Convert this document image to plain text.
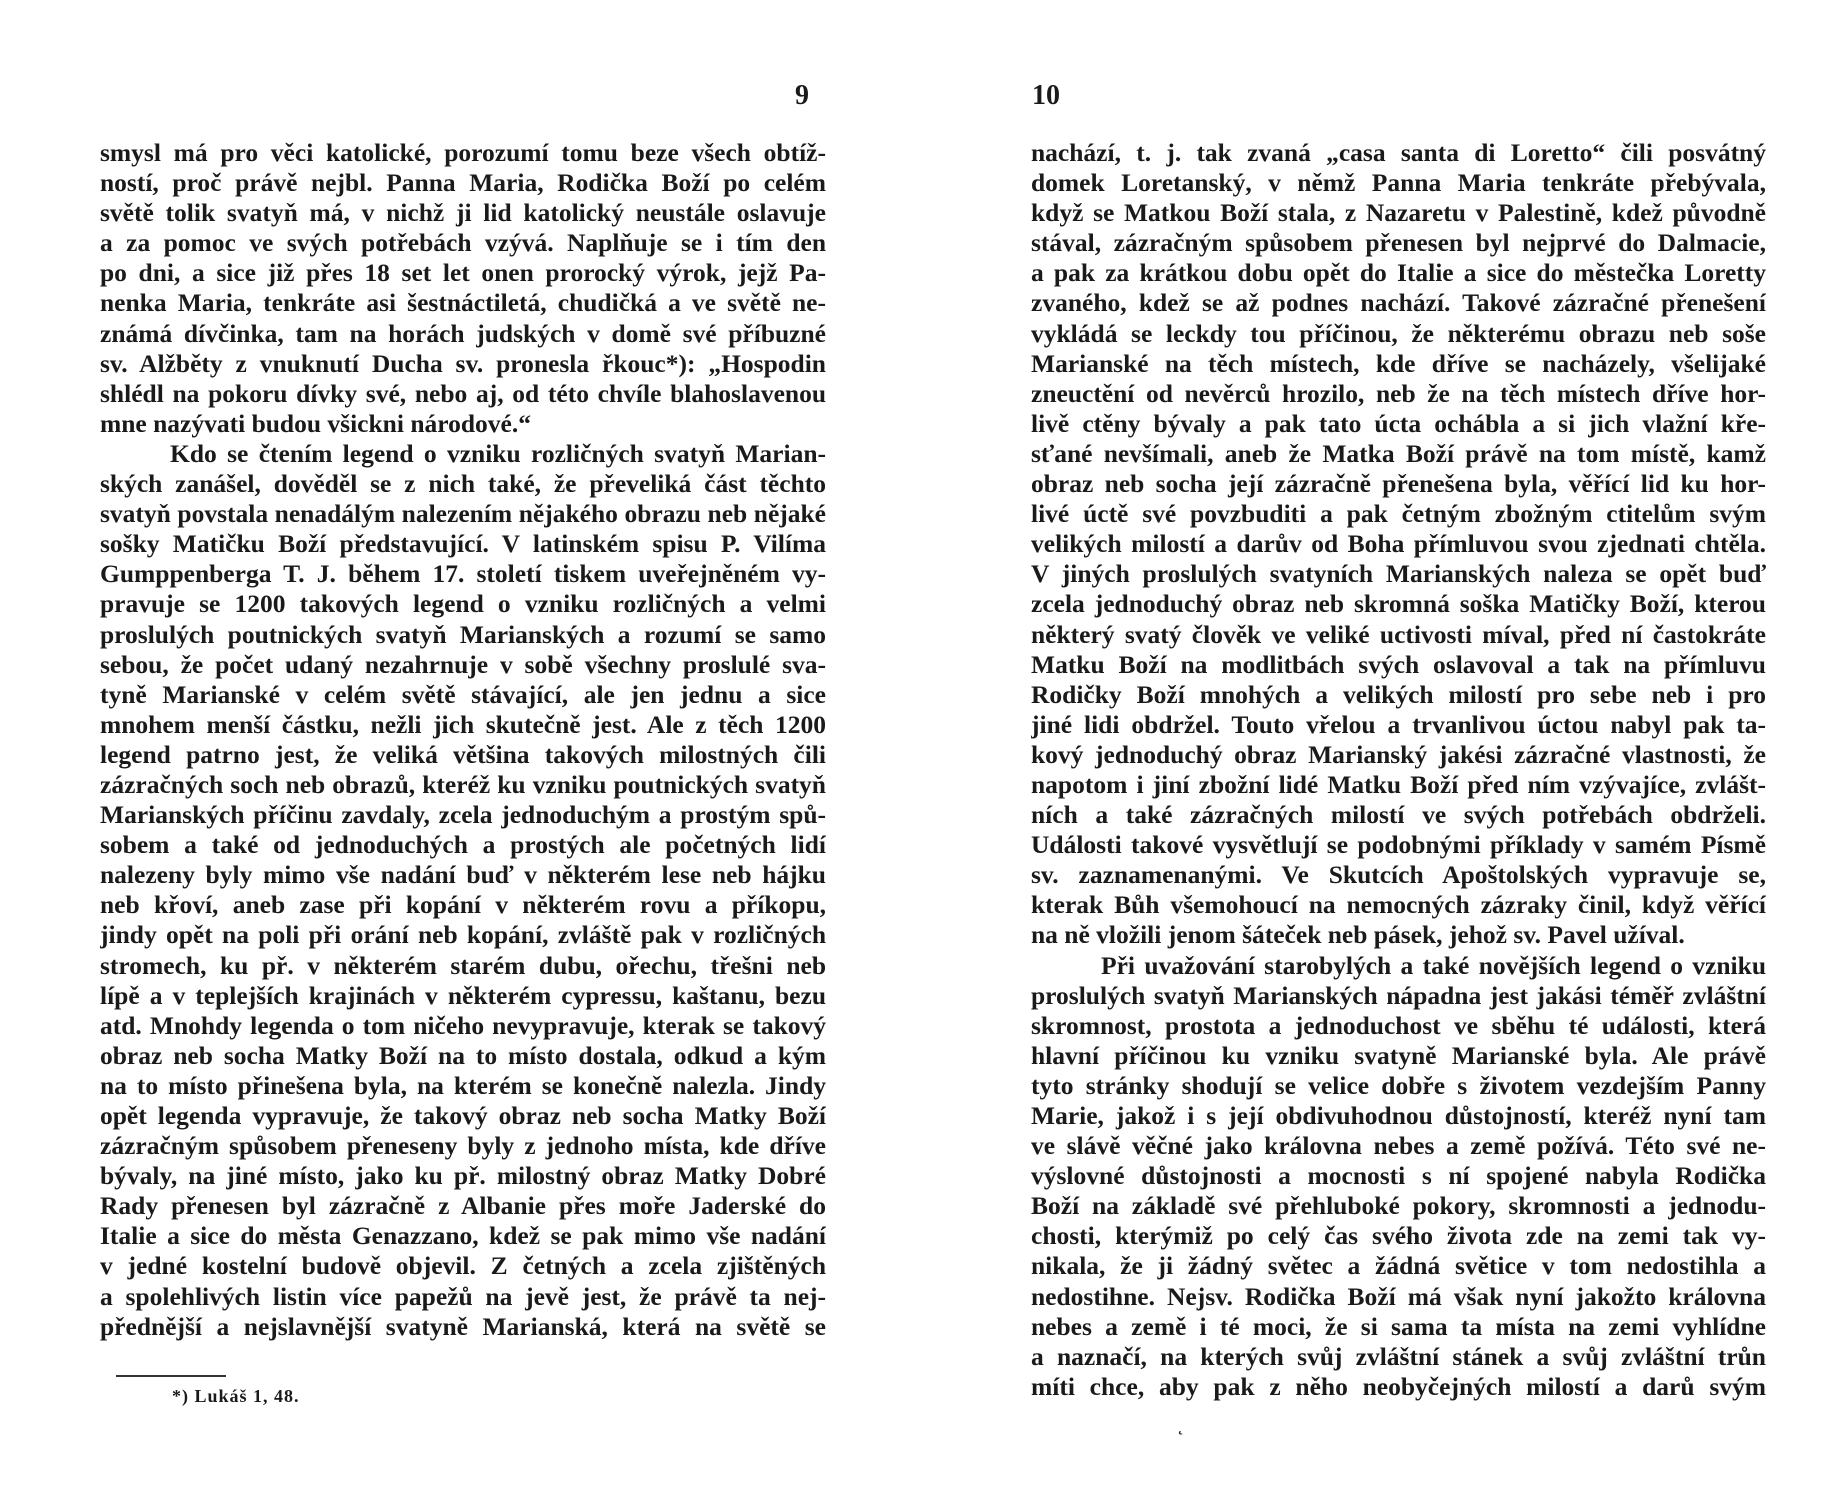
9
smysl má pro věci katolické, porozumí tomu beze všech obtíž-
ností, proč právě nejbl. Panna Maria, Rodička Boží po celém
světě tolik svatyň má, v nichž ji lid katolický neustále oslavuje
a za pomoc ve svých potřebách vzývá. Naplňuje se i tím den
po dni, a sice již přes 18 set let onen prorocký výrok, jejž Pa-
nenka Maria, tenkráte asi šestnáctiletá, chudičká a ve světě ne-
známá dívčinka, tam na horách judských v domě své příbuzné
sv. Alžběty z vnuknutí Ducha sv. pronesla řkouc*): „Hospodin
shlédl na pokoru dívky své, nebo aj, od této chvíle blahoslavenou
mne nazývati budou všickni národové.“
Kdo se čtením legend o vzniku rozličných svatyň Marian-
ských zanášel, dověděl se z nich také, že převeliká část těchto
svatyň povstala nenadálým nalezením nějakého obrazu neb nějaké
sošky Matičku Boží představující. V latinském spisu P. Vilíma
Gumppenberga T. J. během 17. století tiskem uveřejněném vy-
pravuje se 1200 takových legend o vzniku rozličných a velmi
proslulých poutnických svatyň Marianských a rozumí se samo
sebou, že počet udaný nezahrnuje v sobě všechny proslulé sva-
tyně Marianské v celém světě stávající, ale jen jednu a sice
mnohem menší částku, nežli jich skutečně jest. Ale z těch 1200
legend patrno jest, že veliká většina takových milostných čili
zázračných soch neb obrazů, kteréž ku vzniku poutnických svatyň
Marianských příčinu zavdaly, zcela jednoduchým a prostým spů-
sobem a také od jednoduchých a prostých ale početných lidí
nalezeny byly mimo vše nadání buď v některém lese neb hájku
neb křoví, aneb zase při kopání v některém rovu a příkopu,
jindy opět na poli při orání neb kopání, zvláště pak v rozličných
stromech, ku př. v některém starém dubu, ořechu, třešni neb
lípě a v teplejších krajinách v některém cypressu, kaštanu, bezu
atd. Mnohdy legenda o tom ničeho nevypravuje, kterak se takový
obraz neb socha Matky Boží na to místo dostala, odkud a kým
na to místo přinešena byla, na kterém se konečně nalezla. Jindy
opět legenda vypravuje, že takový obraz neb socha Matky Boží
zázračným spůsobem přeneseny byly z jednoho místa, kde dříve
bývaly, na jiné místo, jako ku př. milostný obraz Matky Dobré
Rady přenesen byl zázračně z Albanie přes moře Jaderské do
Italie a sice do města Genazzano, kdež se pak mimo vše nadání
v jedné kostelní budově objevil. Z četných a zcela zjištěných
a spolehlivých listin více papežů na jevě jest, že právě ta nej-
přednější a nejslavnější svatyně Marianská, která na světě se
*) Lukáš 1, 48.
10
nachází, t. j. tak zvaná „casa santa di Loretto“ čili posvátný
domek Loretanský, v němž Panna Maria tenkráte přebývala,
když se Matkou Boží stala, z Nazaretu v Palestině, kdež původně
stával, zázračným spůsobem přenesen byl nejprvé do Dalmacie,
a pak za krátkou dobu opět do Italie a sice do městečka Loretty
zvaného, kdež se až podnes nachází. Takové zázračné přenešení
vykládá se leckdy tou příčinou, že některému obrazu neb soše
Marianské na těch místech, kde dříve se nacházely, všelijaké
zneuctění od nevěrců hrozilo, neb že na těch místech dříve hor-
livě ctěny bývaly a pak tato úcta ochábla a si jich vlažní kře-
sťané nevšímali, aneb že Matka Boží právě na tom místě, kamž
obraz neb socha její zázračně přenešena byla, věřící lid ku hor-
livé úctě své povzbuditi a pak četným zbožným ctitelům svým
velikých milostí a darův od Boha přímluvou svou zjednati chtěla.
V jiných proslulých svatyních Marianských naleza se opět buď
zcela jednoduchý obraz neb skromná soška Matičky Boží, kterou
některý svatý člověk ve veliké uctivosti míval, před ní častokráte
Matku Boží na modlitbách svých oslavoval a tak na přímluvu
Rodičky Boží mnohých a velikých milostí pro sebe neb i pro
jiné lidi obdržel. Touto vřelou a trvanlivou úctou nabyl pak ta-
kový jednoduchý obraz Marianský jakési zázračné vlastnosti, že
napotom i jiní zbožní lidé Matku Boží před ním vzývajíce, zvlášt-
ních a také zázračných milostí ve svých potřebách obdrželi.
Události takové vysvětlují se podobnými příklady v samém Písmě
sv. zaznamenanými. Ve Skutcích Apoštolských vypravuje se,
kterak Bůh všemohoucí na nemocných zázraky činil, když věřící
na ně vložili jenom šáteček neb pásek, jehož sv. Pavel užíval.
Při uvažování starobylých a také novějších legend o vzniku
proslulých svatyň Marianských nápadna jest jakási téměř zvláštní
skromnost, prostota a jednoduchost ve sběhu té události, která
hlavní příčinou ku vzniku svatyně Marianské byla. Ale právě
tyto stránky shodují se velice dobře s životem vezdejším Panny
Marie, jakož i s její obdivuhodnou důstojností, kteréž nyní tam
ve slávě věčné jako královna nebes a země požívá. Této své ne-
výslovné důstojnosti a mocnosti s ní spojené nabyla Rodička
Boží na základě své přehluboké pokory, skromnosti a jednodu-
chosti, kterýmiž po celý čas svého života zde na zemi tak vy-
nikala, že ji žádný světec a žádná světice v tom nedostihla a
nedostihne. Nejsv. Rodička Boží má však nyní jakožto královna
nebes a země i té moci, že si sama ta místa na zemi vyhlídne
a naznačí, na kterých svůj zvláštní stánek a svůj zvláštní trůn
míti chce, aby pak z něho neobyčejných milostí a darů svým
˛
